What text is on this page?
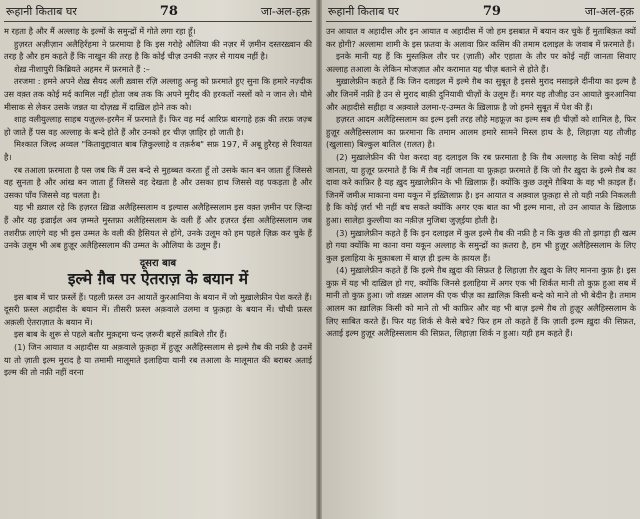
रूहानी किताब घर	78	जा-अल-हक़

म रहता है और मैं अल्लाह के इल्मों के समुन्द्रों में गोते लगा रहा हूँ।

हुज़रत अज़ीज़ान अलैहिर्रहमा ने फ़रमाया है कि इस गरोहे औलिया की नज़र में ज़मीन दस्तरख़्वान की तरह है और हम कहते हैं कि नाखुन की तरह है कि कोई चीज़ उनकी नज़र से गायब नहीं है।

शेख़ नीशापुरी किब्रियते अहमर में फ़रमाते हैं :–

तरजमा : हमने अपने शेख़ सैयद अली ख़्वास रज़ि अल्लाहु अन्हु को फ़रमाते हुए सुना कि हमारे नज़्दीक उस वक़्त तक कोई मर्द कामिल नहीं होता जब तक कि अपने मुरीद की हरकतों नस्लों को न जान ले। यौमे मीसाक से लेकर उसके जन्नत या दोज़ख़ में दाख़िल होने तक को।

शाह वलीयुल्लाह साहब यज़ुल्ल-हरमैन में फ़रमाते हैं। फिर वह मर्द आरिफ़ बारगाहे हक़ की तरफ़ जज़्ब हो जाते हैं पस वह अल्लाह के बन्दे होते हैं और उनको हर चीज़ ज़ाहिर हो जाती है।

मिश्कात जिल्द अव्वल "कितावुद्दावात बाब ज़िकुल्लाहे व तक़र्रुब" सफ़ 197, में अबू हुरैरह से रिवायत है।

रब तआला फ़रमाता है पस जब कि मैं उस बन्दे से मुहब्बत करता हूँ तो उसके कान बन जाता हूँ जिससे वह सुनता है और आंख बन जाता हूँ जिससे वह देखता है और उसका हाथ जिससे वह पकड़ता है और उसका पाँव जिससे वह चलता है।

यह भी ख़्याल रहे कि हज़रत ख़िज़्र अलैहिस्सलाम व इल्यास अलैहिस्सलाम इस वक़्त ज़मीन पर ज़िन्दा हैं और यह इज़्राईल अव ज़म्मते मुस्तफ़ा अलैहिस्सलाम के वली हैं और हज़रत ईसा अलैहिस्सलाम जब तशरीफ़ लाएंगे वह भी इस उम्मत के वली की हैसियत से होंगे, उनके उलूम को हम पहले ज़िक्र कर चुके हैं उनके उलूम भी अब हुज़ूर अलैहिस्सलाम की उम्मत के औलिया के उलूम हैं।

दूसरा बाब
इल्मे ग़ैब पर ऐतराज़ के बयान में

इस बाब में चार फ़स्लें हैं। पहली फ़स्ल उन आयातें कुरआनिया के बयान में जो मुख़ालेफ़ीन पेश करते हैं। दूसरी फ़स्ल अहादीस के बयान में। तीसरी फ़स्ल अक़वाले उलमा व फ़ुक़हा के बयान में। चौथी फ़स्ल अक़ली ऐतराज़ात के बयान में।

इस बाब के शुरू से पहले बतौर मुक़द्दमा चन्द ज़रूरी बहसें क़ाबिले ग़ौर हैं।

(1) जिन आयात व अहादीस या अक़वाले फ़ुक़हा में हुज़ूर अलैहिस्सलाम से इल्मे ग़ैब की नफ़ी है उनमें या तो ज़ाती इल्म मुराद है या तमामी मालूमाते इलाहिया यानी रब तआला के मालूमात की बराबर अताई इल्म की तो नफ़ी नहीं वरना

रूहानी किताब घर	79	जा-अल-हक़

उन आयात व अहादीस और इन आयात व अहादीस में जो हम इसबात में बयान कर चुके हैं मुताबिक़त क्यों कर होगी? अल्लामा शामी के इस फ़तवा के अलावा फ़िर कसिम की तमाम दलाइल के जवाब में फ़रमाते हैं।

इनके मानी यह हैं कि मुस्तक़िल तौर पर (ज़ाती) और एहाता के तौर पर कोई नहीं जानता सिवाए अल्लाह तआला के लेकिन मोजज़ात और करामात यह चीज़ बताने से होते हैं।

मुख़ालेफ़ीन कहते हैं कि जिन दलाइल में इल्मे ग़ैब का सुबूत है इससे मुराद मसाइले दीनीया का इल्म है और जिनमें नफ़ी है उन से मुराद बाक़ी दुनियावी चीज़ों के उलूम हैं। मगर यह तौजीह उन आयाते कुरआनिया और अहादीसे सहीहा व अक़्वाले उलमा-ए-उम्मत के ख़िलाफ़ है जो हमने सुबूत में पेश की हैं।

हज़रत आदम अलैहिस्सलाम का इल्म इसी तरह लौहे महफ़ूज़ का इल्म सब ही चीज़ों को शामिल है, फिर हुज़ूर अलैहिस्सलाम का फ़रमाना कि तमाम आलम हमारे सामने मिस्ल हाथ के है, लिहाज़ा यह तौजीह (खुलासा) बिल्कुल बातिल (ग़लत) है।

(2) मुख़ालेफ़ीन की पेश करदा वह दलाइल कि रब फ़रमाता है कि ग़ैब अल्लाह के सिवा कोई नहीं जानता, या हुज़ूर फ़रमाते हैं कि मैं ग़ैब नहीं जानता या फ़ुक़हा फ़रमाते हैं कि जो ग़ैर ख़ुदा के इल्मे ग़ैब का दावा करे काफ़िर है यह ख़ुद मुख़ालेफ़ीन के भी ख़िलाफ़ हैं। क्योंकि कुछ उलूमे ग़ैबिया के वह भी क़ाइल हैं। जिनमें जमीअ माकाना वमा यकून में इख़्तिलाफ़ है। इन आयात व अक़्वाल फ़ुक़हा से तो यही नफ़ी निकलती है कि कोई ज़र्रा भी नहीं बच सकते क्योंकि अगर एक बात का भी इल्म माना, तो उन आयात के ख़िलाफ़ हुआ। सालेहा कुल्लीया का नक़ीज़ मुजिबा जुज़्ईया होती है।

(3) मुख़ालेफ़ीन कहते हैं कि इन दलाइल में कुल इल्मे ग़ैब की नफ़ी है न कि कुछ की तो झगड़ा ही खत्म हो गया क्योंकि मा काना वमा यकून अल्लाह के समुन्द्रों का क़तरा है, हम भी हुज़ूर अलैहिस्सलाम के लिए कुल इलाहिया के मुक़ाबला में बाज़ ही इल्म के क़ायल हैं।

(4) मुख़ालेफ़ीन कहते हैं कि इल्मे ग़ैब ख़ुदा की सिफ़त है लिहाज़ा ग़ैर ख़ुदा के लिए मानना कुफ़ है। इस कुफ़ में यह भी दाख़िल हो गए, क्योंकि जिनसे इलाहिया में अगर एक भी शिर्कत मानी तो कुफ़ हुआ सब में मानी तो कुफ़ हुआ। जो शख़्स आलम की एक चीज़ का ख़ालिक़ किसी बन्दे को माने तो भी बेदीन है। तमाम आलम का ख़ालिक़ किसी को माने तो भी काफ़िर और वह भी बाज़ इल्मे ग़ैब तो हुज़ूर अलैहिस्सलाम के लिए साबित करते हैं। फिर यह शिर्क से कैसे बचे? फिर हम तो कहते हैं कि ज़ाती इल्म ख़ुदा की सिफ़त, अताई इल्म हुज़ूर अलैहिस्सलाम की सिफ़त, लिहाज़ा शिर्क न हुआ। यही हम कहते हैं।
